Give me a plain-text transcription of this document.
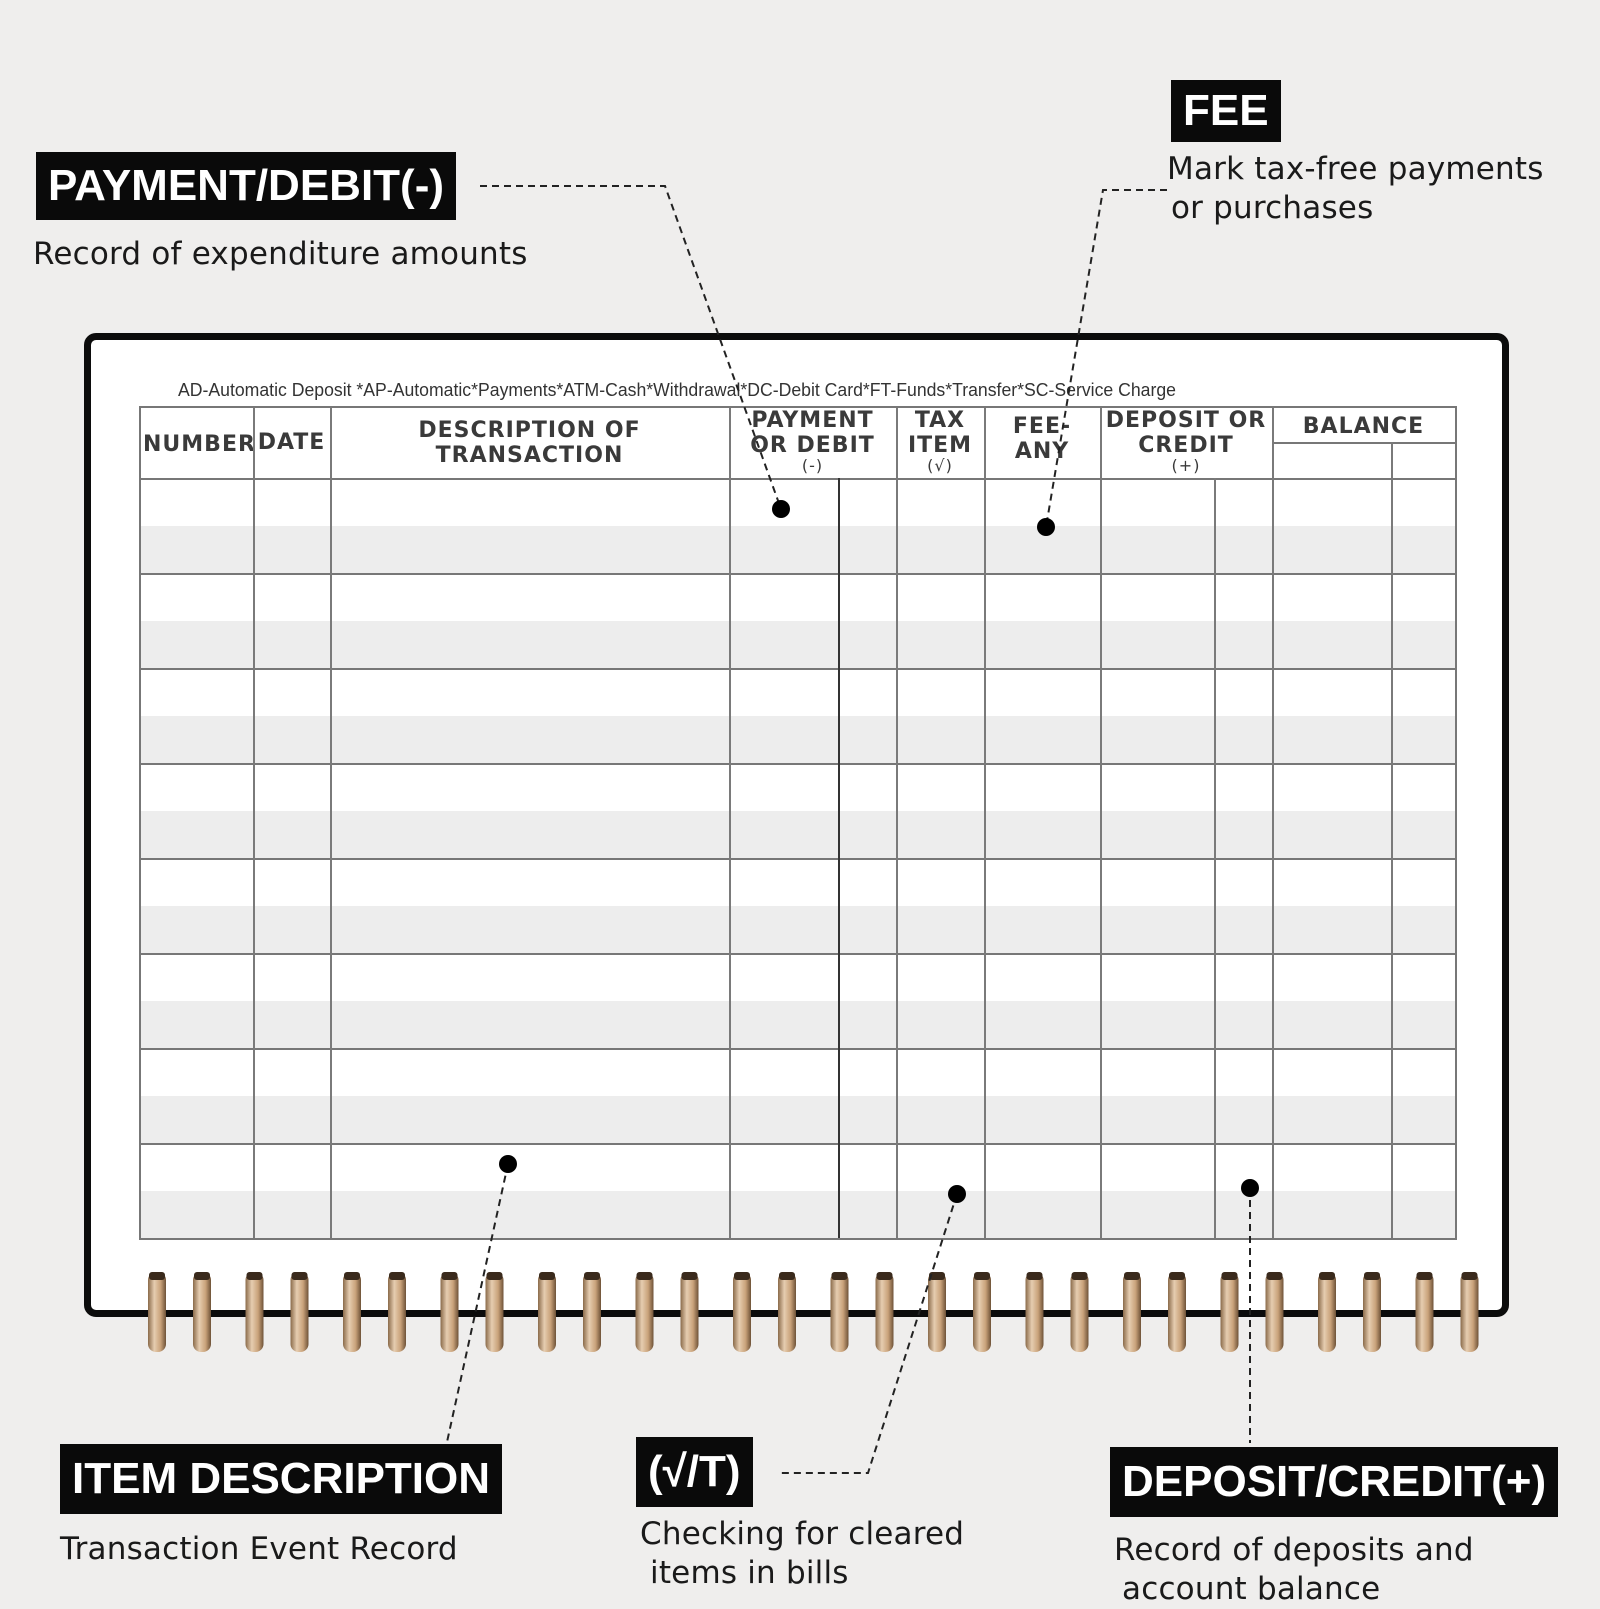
PAYMENT/DEBIT(-)
Record of expenditure amounts
FEE
Mark tax-free payments
or purchases
ITEM DESCRIPTION
Transaction Event Record
(√/T)
Checking for cleared
items in bills
DEPOSIT/CREDIT(+)
Record of deposits and
account balance
AD-Automatic Deposit *AP-Automatic*Payments*ATM-Cash*Withdrawal*DC-Debit Card*FT-Funds*Transfer*SC-Service Charge
NUMBER DATE	DESCRIPTION OF
TRANSACTION
PAYMENT
OR DEBIT
(-)
TAX
ITEM
(√)
FEE-
ANY
DEPOSIT OR
CREDIT
(+)
BALANCE
